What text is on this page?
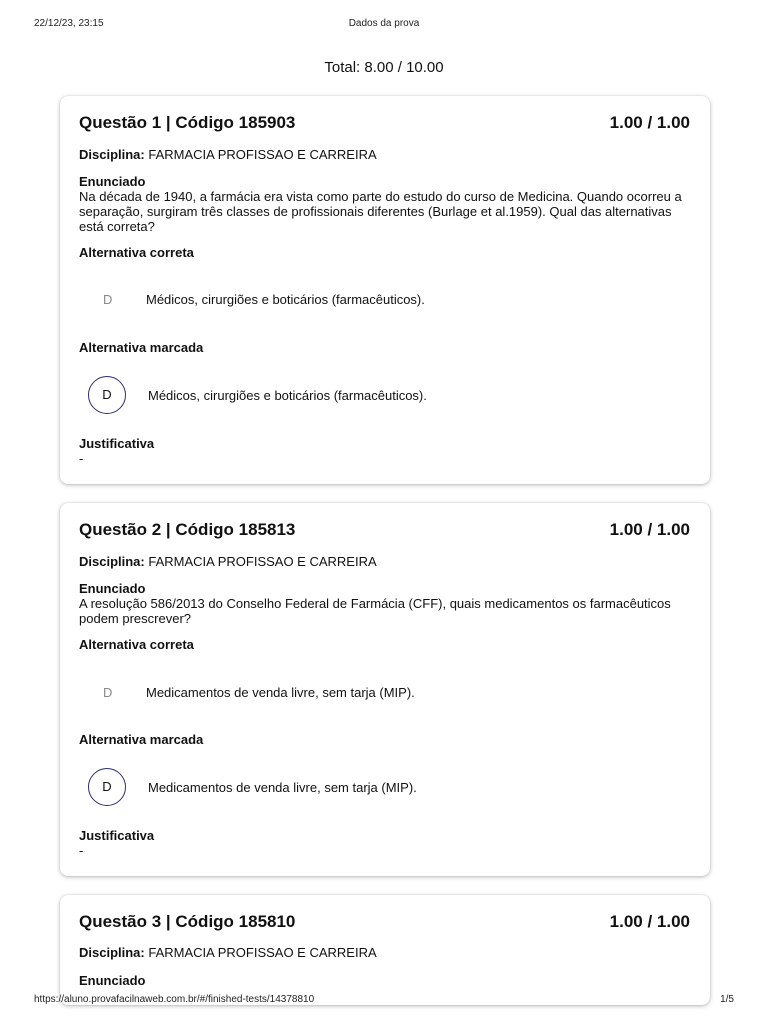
22/12/23, 23:15	Dados da prova
Total: 8.00 / 10.00
Questão 1 | Código 185903	1.00 / 1.00
Disciplina: FARMACIA PROFISSAO E CARREIRA
Enunciado

Na década de 1940, a farmácia era vista como parte do estudo do curso de Medicina. Quando ocorreu a separação, surgiram três classes de profissionais diferentes (Burlage et al.1959). Qual das alternativas está correta?

Alternativa correta
D	Médicos, cirurgiões e boticários (farmacêuticos).
Alternativa marcada
D	Médicos, cirurgiões e boticários (farmacêuticos).
Justificativa
-
Questão 2 | Código 185813	1.00 / 1.00
Disciplina: FARMACIA PROFISSAO E CARREIRA
Enunciado

A resolução 586/2013 do Conselho Federal de Farmácia (CFF), quais medicamentos os farmacêuticos podem prescrever?

Alternativa correta
D	Medicamentos de venda livre, sem tarja (MIP).
Alternativa marcada
D	Medicamentos de venda livre, sem tarja (MIP).
Justificativa
-
Questão 3 | Código 185810	1.00 / 1.00
Disciplina: FARMACIA PROFISSAO E CARREIRA
Enunciado
https://aluno.provafacilnaweb.com.br/#/finished-tests/14378810	1/5
